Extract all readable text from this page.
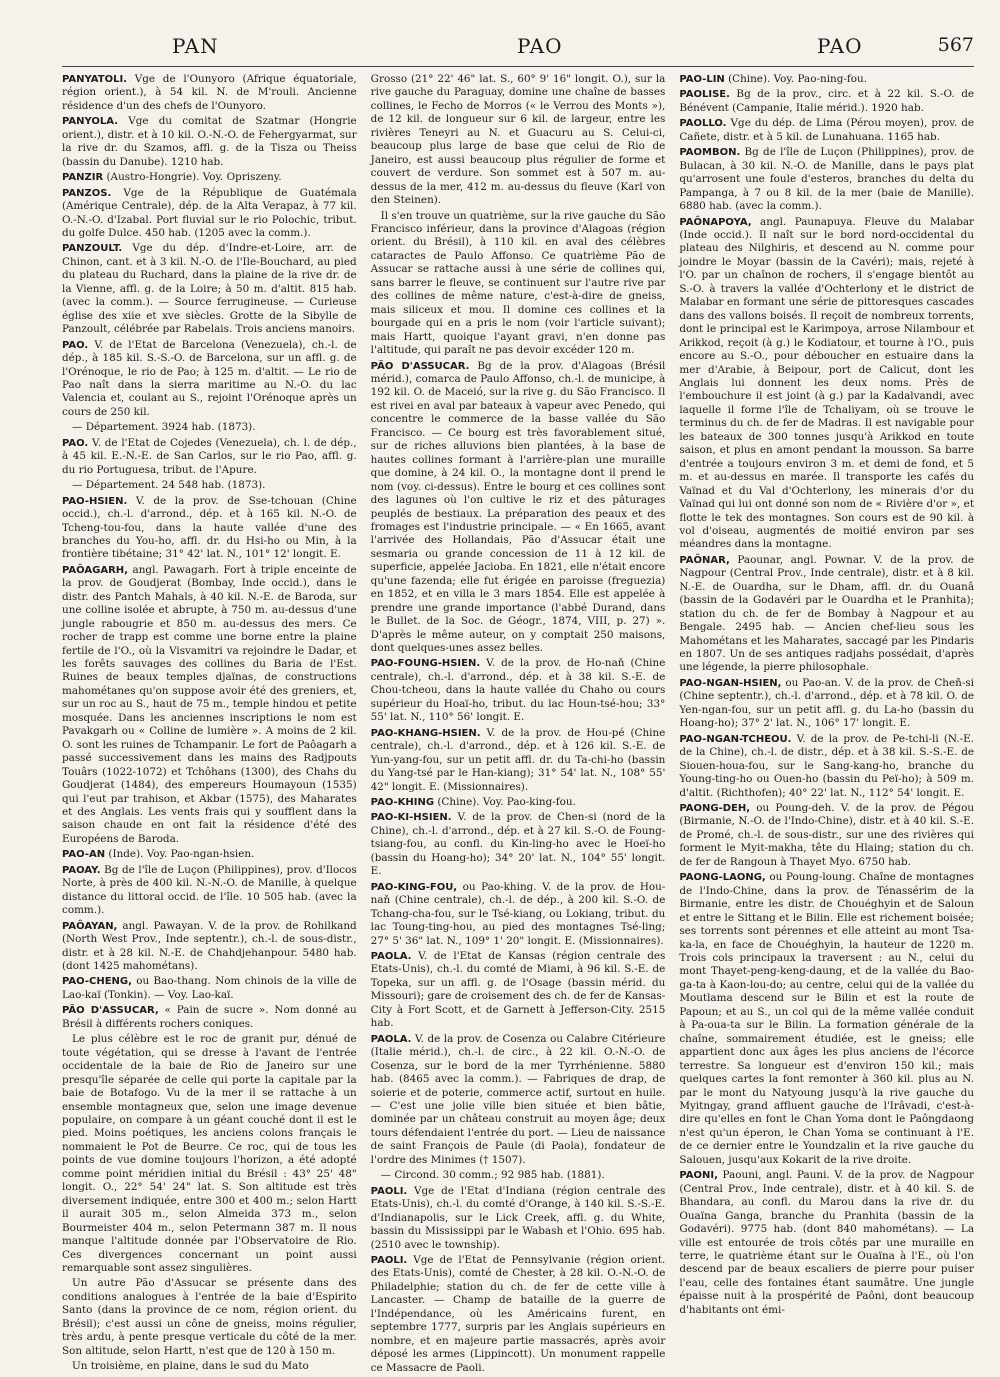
PAN	PAO	PAO	567

PANYATOLI. Vge de l'Ounyoro (Afrique équatoriale, région orient.), à 54 kil. N. de M'rouli. Ancienne résidence d'un des chefs de l'Ounyoro.

PANYOLA. Vge du comitat de Szatmar (Hongrie orient.), distr. et à 10 kil. O.-N.-O. de Fehergyarmat, sur la rive dr. du Szamos, affl. g. de la Tisza ou Theiss (bassin du Danube). 1210 hab.

PANZIR (Austro-Hongrie). Voy. Opriszeny.

PANZOS. Vge de la République de Guatémala (Amérique Centrale), dép. de la Alta Verapaz, à 77 kil. O.-N.-O. d'Izabal. Port fluvial sur le rio Polochic, tribut. du golfe Dulce. 450 hab. (1205 avec la comm.).

PANZOULT. Vge du dép. d'Indre-et-Loire, arr. de Chinon, cant. et à 3 kil. N.-O. de l'Ile-Bouchard, au pied du plateau du Ruchard, dans la plaine de la rive dr. de la Vienne, affl. g. de la Loire; à 50 m. d'altit. 815 hab. (avec la comm.). — Source ferrugineuse. — Curieuse église des xiie et xve siècles. Grotte de la Sibylle de Panzoult, célébrée par Rabelais. Trois anciens manoirs.

PAO. V. de l'Etat de Barcelona (Venezuela), ch.-l. de dép., à 185 kil. S.-S.-O. de Barcelona, sur un affl. g. de l'Orénoque, le rio de Pao; à 125 m. d'altit. — Le rio de Pao naît dans la sierra maritime au N.-O. du lac Valencia et, coulant au S., rejoint l'Orénoque après un cours de 250 kil.

— Département. 3924 hab. (1873).

PAO. V. de l'Etat de Cojedes (Venezuela), ch. l. de dép., à 45 kil. E.-N.-E. de San Carlos, sur le rio Pao, affl. g. du rio Portuguesa, tribut. de l'Apure.

— Département. 24 548 hab. (1873).

PAO-HSIEN. V. de la prov. de Sse-tchouan (Chine occid.), ch.-l. d'arrond., dép. et à 165 kil. N.-O. de Tcheng-tou-fou, dans la haute vallée d'une des branches du You-ho, affl. dr. du Hsi-ho ou Min, à la frontière tibétaine; 31° 42' lat. N., 101° 12' longit. E.

PAÔAGARH, angl. Pawagarh. Fort à triple enceinte de la prov. de Goudjerat (Bombay, Inde occid.), dans le distr. des Pantch Mahals, à 40 kil. N.-E. de Baroda, sur une colline isolée et abrupte, à 750 m. au-dessus d'une jungle rabougrie et 850 m. au-dessus des mers. Ce rocher de trapp est comme une borne entre la plaine fertile de l'O., où la Visvamitri va rejoindre le Dadar, et les forêts sauvages des collines du Baria de l'Est. Ruines de beaux temples djaïnas, de constructions mahométanes qu'on suppose avoir été des greniers, et, sur un roc au S., haut de 75 m., temple hindou et petite mosquée. Dans les anciennes inscriptions le nom est Pavakgarh ou « Colline de lumière ». A moins de 2 kil. O. sont les ruines de Tchampanir. Le fort de Paôagarh a passé successivement dans les mains des Radjpouts Touârs (1022-1072) et Tchôhans (1300), des Chahs du Goudjerat (1484), des empereurs Houmayoun (1535) qui l'eut par trahison, et Akbar (1575), des Maharates et des Anglais. Les vents frais qui y soufflent dans la saison chaude en ont fait la résidence d'été des Européens de Baroda.

PAO-AN (Inde). Voy. Pao-ngan-hsien.

PAOAY. Bg de l'île de Luçon (Philippines), prov. d'Ilocos Norte, à près de 400 kil. N.-N.-O. de Manille, à quelque distance du littoral occid. de l'île. 10 505 hab. (avec la comm.).

PAÔAYAN, angl. Pawayan. V. de la prov. de Rohilkand (North West Prov., Inde septentr.), ch.-l. de sous-distr., distr. et à 28 kil. N.-E. de Chahdjehanpour. 5480 hab. (dont 1425 mahométans).

PAO-CHENG, ou Bao-thang. Nom chinois de la ville de Lao-kaï (Tonkin). — Voy. Lao-kaï.

PÃO D'ASSUCAR, « Pain de sucre ». Nom donné au Brésil à différents rochers coniques.

Le plus célèbre est le roc de granit pur, dénué de toute végétation, qui se dresse à l'avant de l'entrée occidentale de la baie de Rio de Janeiro sur une presqu'île séparée de celle qui porte la capitale par la baie de Botafogo. Vu de la mer il se rattache à un ensemble montagneux que, selon une image devenue populaire, on compare à un géant couché dont il est le pied. Moins poétiques, les anciens colons français le nommaient le Pot de Beurre. Ce roc, qui de tous les points de vue domine toujours l'horizon, a été adopté comme point méridien initial du Brésil : 43° 25' 48" longit. O., 22° 54' 24" lat. S. Son altitude est très diversement indiquée, entre 300 et 400 m.; selon Hartt il aurait 305 m., selon Almeida 373 m., selon Bourmeister 404 m., selon Petermann 387 m. Il nous manque l'altitude donnée par l'Observatoire de Rio. Ces divergences concernant un point aussi remarquable sont assez singulières.

Un autre Pão d'Assucar se présente dans des conditions analogues à l'entrée de la baie d'Espirito Santo (dans la province de ce nom, région orient. du Brésil); c'est aussi un cône de gneiss, moins régulier, très ardu, à pente presque verticale du côté de la mer. Son altitude, selon Hartt, n'est que de 120 à 150 m.

Un troisième, en plaine, dans le sud du Mato

Grosso (21° 22' 46" lat. S., 60° 9' 16" longit. O.), sur la rive gauche du Paraguay, domine une chaîne de basses collines, le Fecho de Morros (« le Verrou des Monts »), de 12 kil. de longueur sur 6 kil. de largeur, entre les rivières Teneyri au N. et Guacuru au S. Celui-ci, beaucoup plus large de base que celui de Rio de Janeiro, est aussi beaucoup plus régulier de forme et couvert de verdure. Son sommet est à 507 m. au-dessus de la mer, 412 m. au-dessus du fleuve (Karl von den Steinen).

Il s'en trouve un quatrième, sur la rive gauche du São Francisco inférieur, dans la province d'Alagoas (région orient. du Brésil), à 110 kil. en aval des célèbres cataractes de Paulo Affonso. Ce quatrième Pão de Assucar se rattache aussi à une série de collines qui, sans barrer le fleuve, se continuent sur l'autre rive par des collines de même nature, c'est-à-dire de gneiss, mais siliceux et mou. Il domine ces collines et la bourgade qui en a pris le nom (voir l'article suivant); mais Hartt, quoique l'ayant gravi, n'en donne pas l'altitude, qui paraît ne pas devoir excéder 120 m.

PÃO D'ASSUCAR. Bg de la prov. d'Alagoas (Brésil mérid.), comarca de Paulo Affonso, ch.-l. de municipe, à 192 kil. O. de Maceió, sur la rive g. du São Francisco. Il est rivei en aval par bateaux à vapeur avec Penedo, qui concentre le commerce de la basse vallée du São Francisco. — Ce bourg est très favorablement situé, sur de riches alluvions bien plantées, à la base de hautes collines formant à l'arrière-plan une muraille que domine, à 24 kil. O., la montagne dont il prend le nom (voy. ci-dessus). Entre le bourg et ces collines sont des lagunes où l'on cultive le riz et des pâturages peuplés de bestiaux. La préparation des peaux et des fromages est l'industrie principale. — « En 1665, avant l'arrivée des Hollandais, Pão d'Assucar était une sesmaria ou grande concession de 11 à 12 kil. de superficie, appelée Jacioba. En 1821, elle n'était encore qu'une fazenda; elle fut érigée en paroisse (freguezia) en 1852, et en villa le 3 mars 1854. Elle est appelée à prendre une grande importance (l'abbé Durand, dans le Bullet. de la Soc. de Géogr., 1874, VIII, p. 27) ». D'après le même auteur, on y comptait 250 maisons, dont quelques-unes assez belles.

PAO-FOUNG-HSIEN. V. de la prov. de Ho-naň (Chine centrale), ch.-l. d'arrond., dép. et à 38 kil. S.-E. de Chou-tcheou, dans la haute vallée du Chaho ou cours supérieur du Hoaï-ho, tribut. du lac Houn-tsé-hou; 33° 55' lat. N., 110° 56' longit. E.

PAO-KHANG-HSIEN. V. de la prov. de Hou-pé (Chine centrale), ch.-l. d'arrond., dép. et à 126 kil. S.-E. de Yun-yang-fou, sur un petit affl. dr. du Ta-chi-ho (bassin du Yang-tsé par le Han-kiang); 31° 54' lat. N., 108° 55' 42" longit. E. (Missionnaires).

PAO-KHING (Chine). Voy. Pao-king-fou.

PAO-KI-HSIEN. V. de la prov. de Chen-si (nord de la Chine), ch.-l. d'arrond., dép. et à 27 kil. S.-O. de Foung-tsiang-fou, au confl. du Kin-ling-ho avec le Hoeï-ho (bassin du Hoang-ho); 34° 20' lat. N., 104° 55' longit. E.

PAO-KING-FOU, ou Pao-khing. V. de la prov. de Hou-naň (Chine centrale), ch.-l. de dép., à 200 kil. S.-O. de Tchang-cha-fou, sur le Tsé-kiang, ou Lokiang, tribut. du lac Toung-ting-hou, au pied des montagnes Tsé-ling; 27° 5' 36" lat. N., 109° 1' 20" longit. E. (Missionnaires).

PAOLA. V. de l'Etat de Kansas (région centrale des Etats-Unis), ch.-l. du comté de Miami, à 96 kil. S.-E. de Topeka, sur un affl. g. de l'Osage (bassin mérid. du Missouri); gare de croisement des ch. de fer de Kansas-City à Fort Scott, et de Garnett à Jefferson-City. 2515 hab.

PAOLA. V. de la prov. de Cosenza ou Calabre Citérieure (Italie mérid.), ch.-l. de circ., à 22 kil. O.-N.-O. de Cosenza, sur le bord de la mer Tyrrhénienne. 5880 hab. (8465 avec la comm.). — Fabriques de drap, de soierie et de poterie, commerce actif, surtout en huile. — C'est une jolie ville bien située et bien bâtie, dominée par un château construit au moyen âge; deux tours défendaient l'entrée du port. — Lieu de naissance de saint François de Paule (di Paola), fondateur de l'ordre des Minimes († 1507).

— Circond. 30 comm.; 92 985 hab. (1881).

PAOLI. Vge de l'Etat d'Indiana (région centrale des Etats-Unis), ch.-l. du comté d'Orange, à 140 kil. S.-S.-E. d'Indianapolis, sur le Lick Creek, affl. g. du White, bassin du Mississippi par le Wabash et l'Ohio. 695 hab. (2510 avec le township).

PAOLI. Vge de l'Etat de Pennsylvanie (région orient. des Etats-Unis), comté de Chester, à 28 kil. O.-N.-O. de Philadelphie; station du ch. de fer de cette ville à Lancaster. — Champ de bataille de la guerre de l'Indépendance, où les Américains furent, en septembre 1777, surpris par les Anglais supérieurs en nombre, et en majeure partie massacrés, après avoir déposé les armes (Lippincott). Un monument rappelle ce Massacre de Paoli.

PAO-LIN (Chine). Voy. Pao-ning-fou.

PAOLISE. Bg de la prov., circ. et à 22 kil. S.-O. de Bénévent (Campanie, Italie mérid.). 1920 hab.

PAOLLO. Vge du dép. de Lima (Pérou moyen), prov. de Cañete, distr. et à 5 kil. de Lunahuana. 1165 hab.

PAOMBON. Bg de l'île de Luçon (Philippines), prov. de Bulacan, à 30 kil. N.-O. de Manille, dans le pays plat qu'arrosent une foule d'esteros, branches du delta du Pampanga, à 7 ou 8 kil. de la mer (baie de Manille). 6880 hab. (avec la comm.).

PAÔNAPOYA, angl. Paunapuya. Fleuve du Malabar (Inde occid.). Il naît sur le bord nord-occidental du plateau des Nilghiris, et descend au N. comme pour joindre le Moyar (bassin de la Cavéri); mais, rejeté à l'O. par un chaînon de rochers, il s'engage bientôt au S.-O. à travers la vallée d'Ochterlony et le district de Malabar en formant une série de pittoresques cascades dans des vallons boisés. Il reçoit de nombreux torrents, dont le principal est le Karimpoya, arrose Nilambour et Arikkod, reçoit (à g.) le Kodiatour, et tourne à l'O., puis encore au S.-O., pour déboucher en estuaire dans la mer d'Arabie, à Beipour, port de Calicut, dont les Anglais lui donnent les deux noms. Près de l'embouchure il est joint (à g.) par la Kadalvandi, avec laquelle il forme l'île de Tchaliyam, où se trouve le terminus du ch. de fer de Madras. Il est navigable pour les bateaux de 300 tonnes jusqu'à Arikkod en toute saison, et plus en amont pendant la mousson. Sa barre d'entrée a toujours environ 3 m. et demi de fond, et 5 m. et au-dessus en marée. Il transporte les cafés du Vaïnad et du Val d'Ochterlony, les minerais d'or du Vaïnad qui lui ont donné son nom de « Rivière d'or », et flotte le tek des montagnes. Son cours est de 90 kil. à vol d'oiseau, augmentés de moitié environ par ses méandres dans la montagne.

PAÔNAR, Paounar, angl. Pownar. V. de la prov. de Nagpour (Central Prov., Inde centrale), distr. et à 8 kil. N.-E. de Ouardha, sur le Dham, affl. dr. du Ouanâ (bassin de la Godavéri par le Ouardha et le Pranhita); station du ch. de fer de Bombay à Nagpour et au Bengale. 2495 hab. — Ancien chef-lieu sous les Mahométans et les Maharates, saccagé par les Pindaris en 1807. Un de ses antiques radjahs possédait, d'après une légende, la pierre philosophale.

PAO-NGAN-HSIEN, ou Pao-an. V. de la prov. de Cheñ-si (Chine septentr.), ch.-l. d'arrond., dép. et à 78 kil. O. de Yen-ngan-fou, sur un petit affl. g. du La-ho (bassin du Hoang-ho); 37° 2' lat. N., 106° 17' longit. E.

PAO-NGAN-TCHEOU. V. de la prov. de Pe-tchi-li (N.-E. de la Chine), ch.-l. de distr., dép. et à 38 kil. S.-S.-E. de Siouen-houa-fou, sur le Sang-kang-ho, branche du Young-ting-ho ou Ouen-ho (bassin du Peï-ho); à 509 m. d'altit. (Richthofen); 40° 22' lat. N., 112° 54' longit. E.

PAONG-DEH, ou Poung-deh. V. de la prov. de Pégou (Birmanie, N.-O. de l'Indo-Chine), distr. et à 40 kil. S.-E. de Promé, ch.-l. de sous-distr., sur une des rivières qui forment le Myit-makha, tête du Hlaing; station du ch. de fer de Rangoun à Thayet Myo. 6750 hab.

PAONG-LAONG, ou Poung-loung. Chaîne de montagnes de l'Indo-Chine, dans la prov. de Ténassérim de la Birmanie, entre les distr. de Chouéghyin et de Saloun et entre le Sittang et le Bilin. Elle est richement boisée; ses torrents sont pérennes et elle atteint au mont Tsa-ka-la, en face de Chouéghyin, la hauteur de 1220 m. Trois cols principaux la traversent : au N., celui du mont Thayet-peng-keng-daung, et de la vallée du Bao-ga-ta à Kaon-lou-do; au centre, celui qui de la vallée du Moutlama descend sur le Bilin et est la route de Papoun; et au S., un col qui de la même vallée conduit à Pa-oua-ta sur le Bilin. La formation générale de la chaîne, sommairement étudiée, est le gneiss; elle appartient donc aux âges les plus anciens de l'écorce terrestre. Sa longueur est d'environ 150 kil.; mais quelques cartes la font remonter à 360 kil. plus au N. par le mont du Natyoung jusqu'à la rive gauche du Myitngay, grand affluent gauche de l'Irâvadi, c'est-à-dire qu'elles en font le Chan Yoma dont le Paôngdaong n'est qu'un éperon, le Chan Yoma se continuant à l'E. de ce dernier entre le Youndzalin et la rive gauche du Salouen, jusqu'aux Kokarit de la rive droite.

PAONI, Paouni, angl. Pauni. V. de la prov. de Nagpour (Central Prov., Inde centrale), distr. et à 40 kil. S. de Bhandara, au confl. du Marou dans la rive dr. du Ouaïna Ganga, branche du Pranhita (bassin de la Godavéri). 9775 hab. (dont 840 mahométans). — La ville est entourée de trois côtés par une muraille en terre, le quatrième étant sur le Ouaïna à l'E., où l'on descend par de beaux escaliers de pierre pour puiser l'eau, celle des fontaines étant saumâtre. Une jungle épaisse nuit à la prospérité de Paôni, dont beaucoup d'habitants ont émi-
